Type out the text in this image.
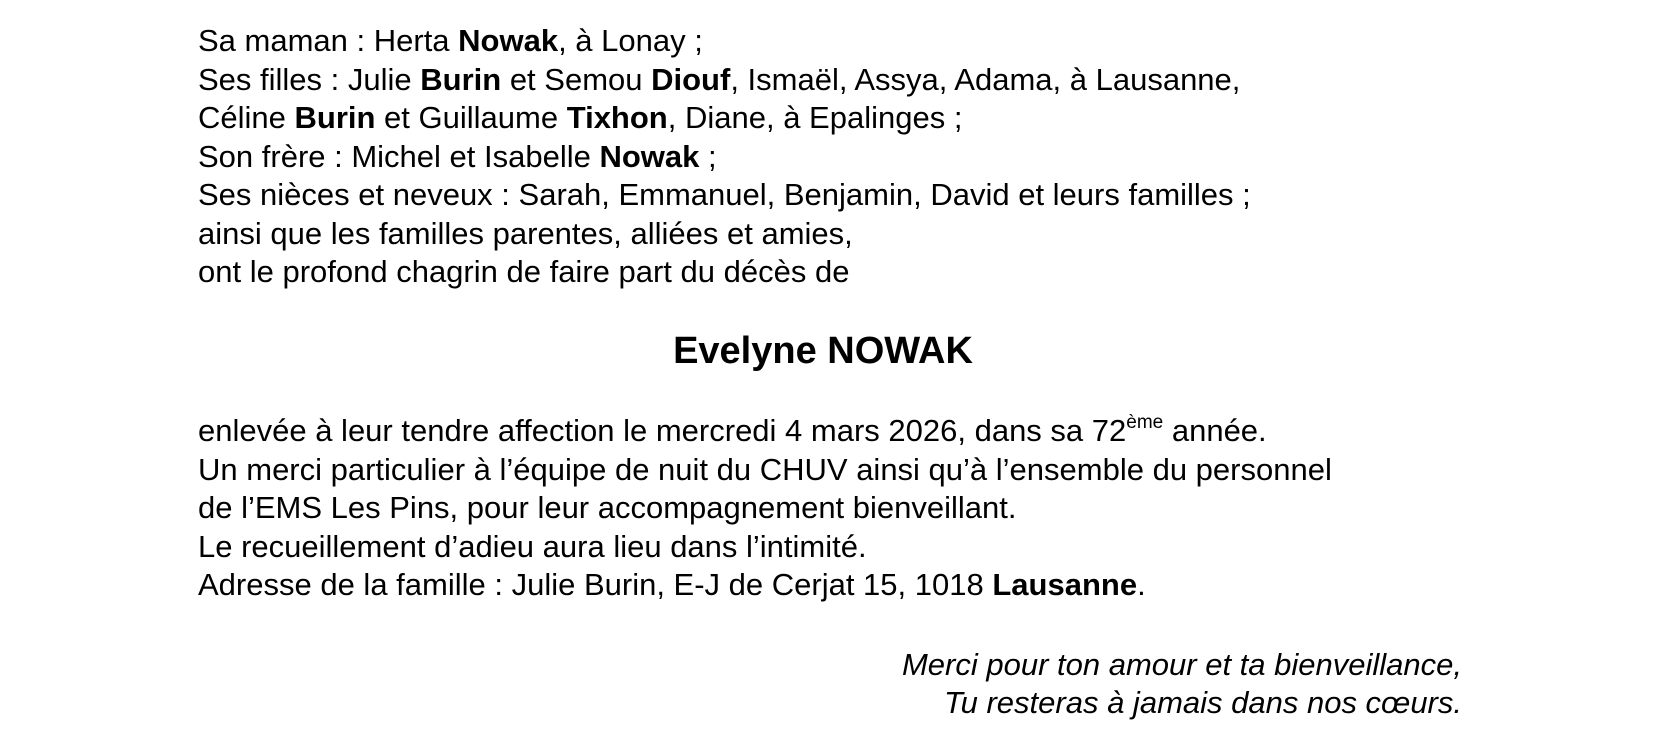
Sa maman : Herta Nowak, à Lonay ;
Ses filles : Julie Burin et Semou Diouf, Ismaël, Assya, Adama, à Lausanne,
Céline Burin et Guillaume Tixhon, Diane, à Epalinges ;
Son frère : Michel et Isabelle Nowak ;
Ses nièces et neveux : Sarah, Emmanuel, Benjamin, David et leurs familles ;
ainsi que les familles parentes, alliées et amies,
ont le profond chagrin de faire part du décès de
Evelyne NOWAK
enlevée à leur tendre affection le mercredi 4 mars 2026, dans sa 72ème année.
Un merci particulier à l’équipe de nuit du CHUV ainsi qu’à l’ensemble du personnel
de l’EMS Les Pins, pour leur accompagnement bienveillant.
Le recueillement d’adieu aura lieu dans l’intimité.
Adresse de la famille : Julie Burin, E-J de Cerjat 15, 1018 Lausanne.
Merci pour ton amour et ta bienveillance,
Tu resteras à jamais dans nos cœurs.
